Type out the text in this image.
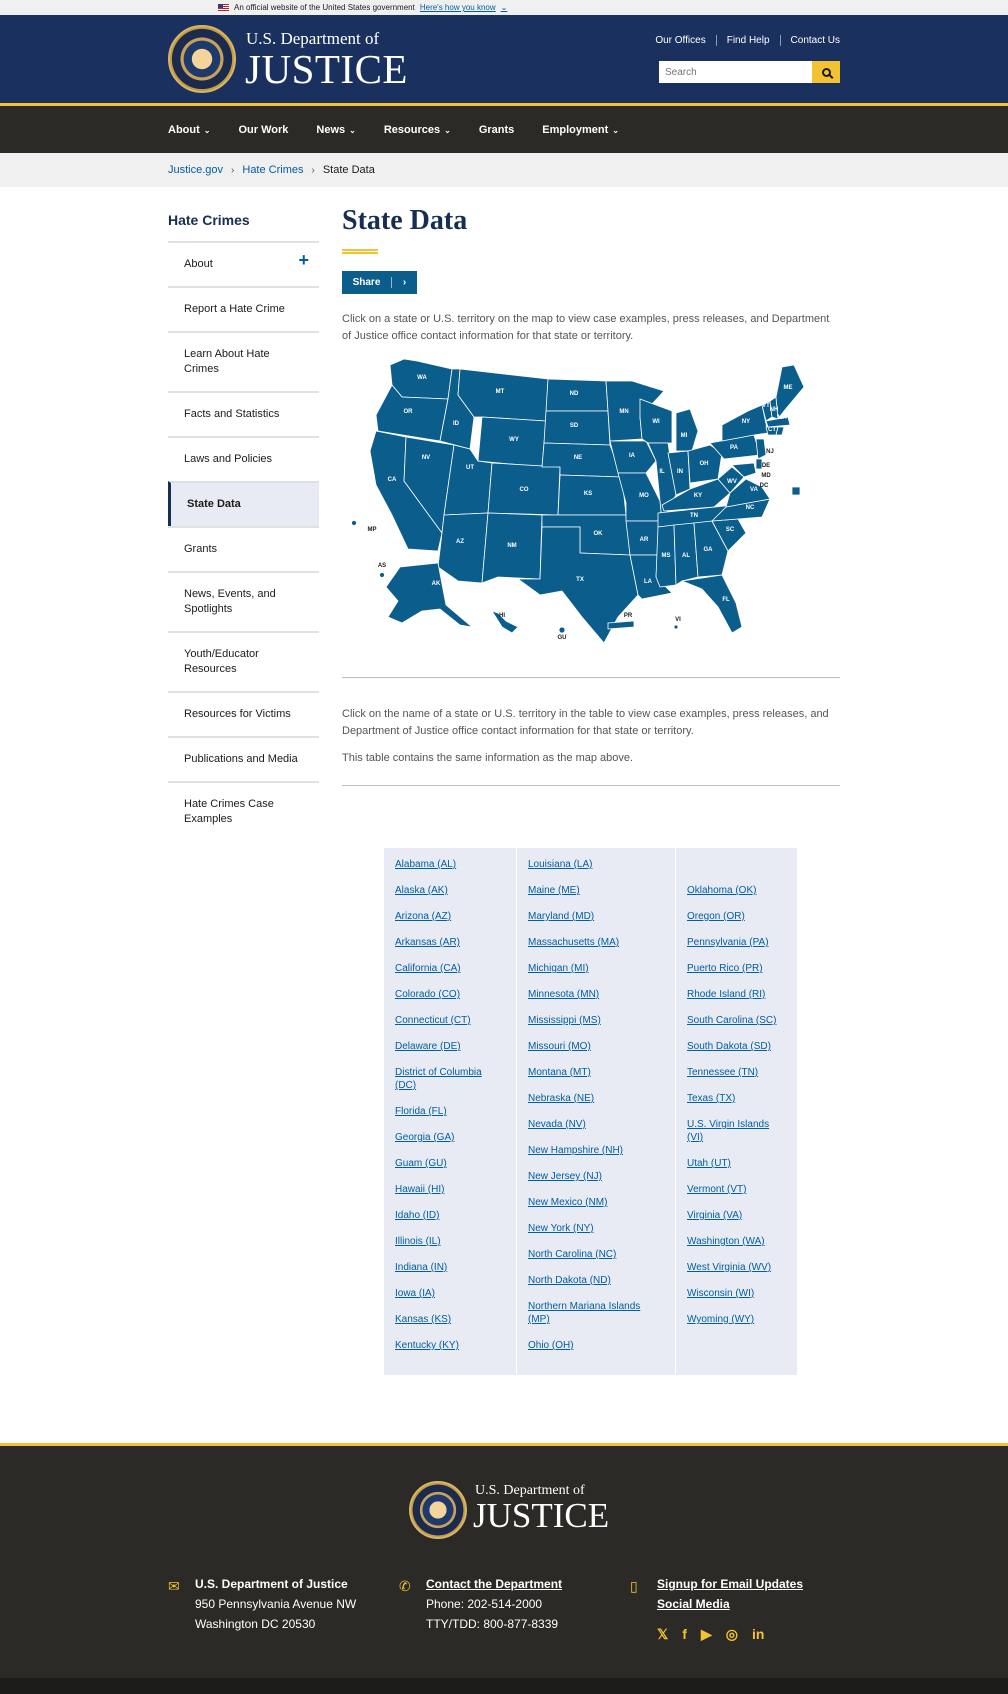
An official website of the United States government Here's how you know ⌄
U.S. Department of
JUSTICE
Our Offices	Find Help	Contact Us
Search
About ⌄	Our Work	News ⌄	Resources ⌄	Grants	Employment ⌄
Justice.gov › Hate Crimes › State Data
Hate Crimes
About	+
Report a Hate Crime
Learn About Hate Crimes
Facts and Statistics
Laws and Policies
State Data
Grants
News, Events, and Spotlights
Youth/Educator Resources
Resources for Victims
Publications and Media
Hate Crimes Case Examples
State Data
Share	›

Click on a state or U.S. territory on the map to view case examples, press releases, and Department of Justice office contact information for that state or territory.

WA
OR
CA
NV
ID
MT
WY
UT
AZ
CO
NM
ND
SD
NE
KS
OK
TX
MN
IA
MO
AR
LA
WI
IL
MI
IN
OH
KY
TN
MS AL
GA
FL
SC
NC
VA
WV
PA
NY
VT
NH
ME
MA
RI
CT
NJ
DE
MD
DC
AK
HI
AS
MP
GU
PR
VI

Click on the name of a state or U.S. territory in the table to view case examples, press releases, and Department of Justice office contact information for that state or territory.

This table contains the same information as the map above.

Alabama (AL)
Alaska (AK)
Arizona (AZ)
Arkansas (AR)
California (CA)
Colorado (CO)
Connecticut (CT)
Delaware (DE)
District of Columbia (DC)
Florida (FL)
Georgia (GA)
Guam (GU)
Hawaii (HI)
Idaho (ID)
Illinois (IL)
Indiana (IN)
Iowa (IA)
Kansas (KS)
Kentucky (KY)
Louisiana (LA)
Maine (ME)
Maryland (MD)
Massachusetts (MA)
Michigan (MI)
Minnesota (MN)
Mississippi (MS)
Missouri (MO)
Montana (MT)
Nebraska (NE)
Nevada (NV)
New Hampshire (NH)
New Jersey (NJ)
New Mexico (NM)
New York (NY)
North Carolina (NC)
North Dakota (ND)
Northern Mariana Islands (MP)
Ohio (OH)
Oklahoma (OK)
Oregon (OR)
Pennsylvania (PA)
Puerto Rico (PR)
Rhode Island (RI)
South Carolina (SC)
South Dakota (SD)
Tennessee (TN)
Texas (TX)
U.S. Virgin Islands (VI)
Utah (UT)
Vermont (VT)
Virginia (VA)
Washington (WA)
West Virginia (WV)
Wisconsin (WI)
Wyoming (WY)
U.S. Department of
JUSTICE
✉ U.S. Department of Justice
950 Pennsylvania Avenue NW
Washington DC 20530
✆ Contact the Department
Phone: 202-514-2000
TTY/TDD: 800-877-8339
▯ Signup for Email Updates
Social Media
𝕏 f ▶ ◎ in
